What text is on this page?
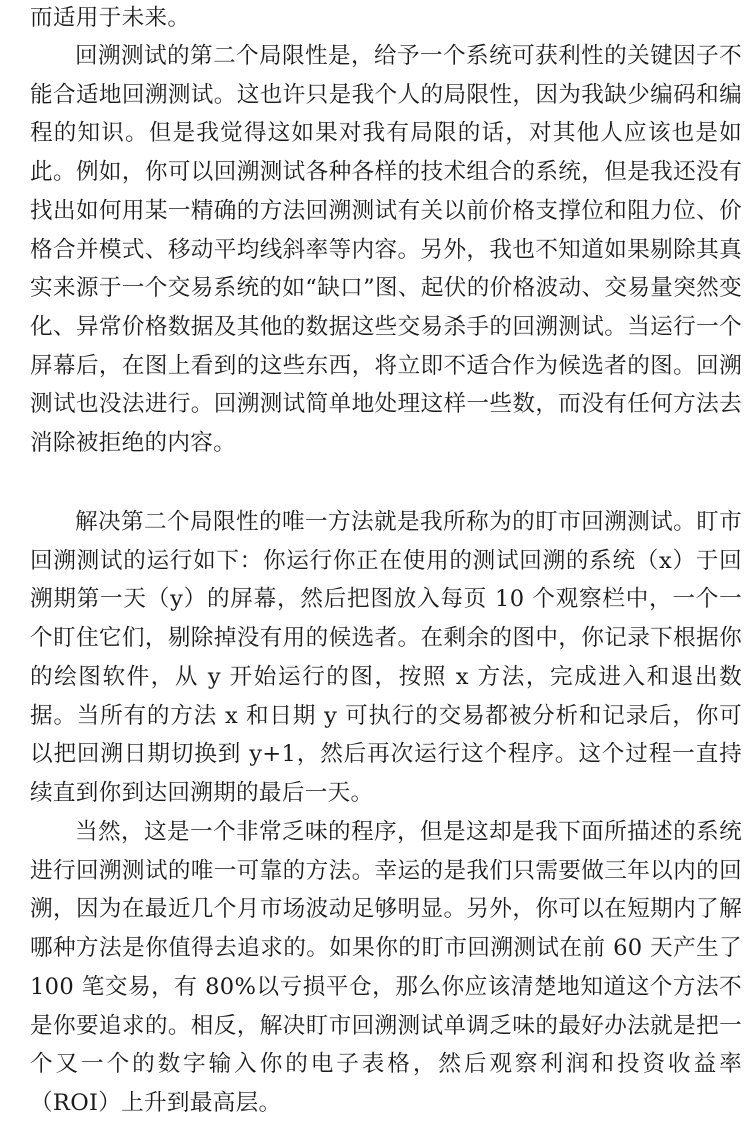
而适用于未来。

回溯测试的第二个局限性是，给予一个系统可获利性的关键因子不能合适地回溯测试。这也许只是我个人的局限性，因为我缺少编码和编程的知识。但是我觉得这如果对我有局限的话，对其他人应该也是如此。例如，你可以回溯测试各种各样的技术组合的系统，但是我还没有找出如何用某一精确的方法回溯测试有关以前价格支撑位和阻力位、价格合并模式、移动平均线斜率等内容。另外，我也不知道如果剔除其真实来源于一个交易系统的如“缺口”图、起伏的价格波动、交易量突然变化、异常价格数据及其他的数据这些交易杀手的回溯测试。当运行一个屏幕后，在图上看到的这些东西，将立即不适合作为候选者的图。回溯测试也没法进行。回溯测试简单地处理这样一些数，而没有任何方法去消除被拒绝的内容。

解决第二个局限性的唯一方法就是我所称为的盯市回溯测试。盯市回溯测试的运行如下：你运行你正在使用的测试回溯的系统（x）于回溯期第一天（y）的屏幕，然后把图放入每页 10 个观察栏中，一个一个盯住它们，剔除掉没有用的候选者。在剩余的图中，你记录下根据你的绘图软件，从 y 开始运行的图，按照 x 方法，完成进入和退出数据。当所有的方法 x 和日期 y 可执行的交易都被分析和记录后，你可以把回溯日期切换到 y+1，然后再次运行这个程序。这个过程一直持续直到你到达回溯期的最后一天。

当然，这是一个非常乏味的程序，但是这却是我下面所描述的系统进行回溯测试的唯一可靠的方法。幸运的是我们只需要做三年以内的回溯，因为在最近几个月市场波动足够明显。另外，你可以在短期内了解哪种方法是你值得去追求的。如果你的盯市回溯测试在前 60 天产生了 100 笔交易，有 80%以亏损平仓，那么你应该清楚地知道这个方法不是你要追求的。相反，解决盯市回溯测试单调乏味的最好办法就是把一个又一个的数字输入你的电子表格，然后观察利润和投资收益率（ROI）上升到最高层。
